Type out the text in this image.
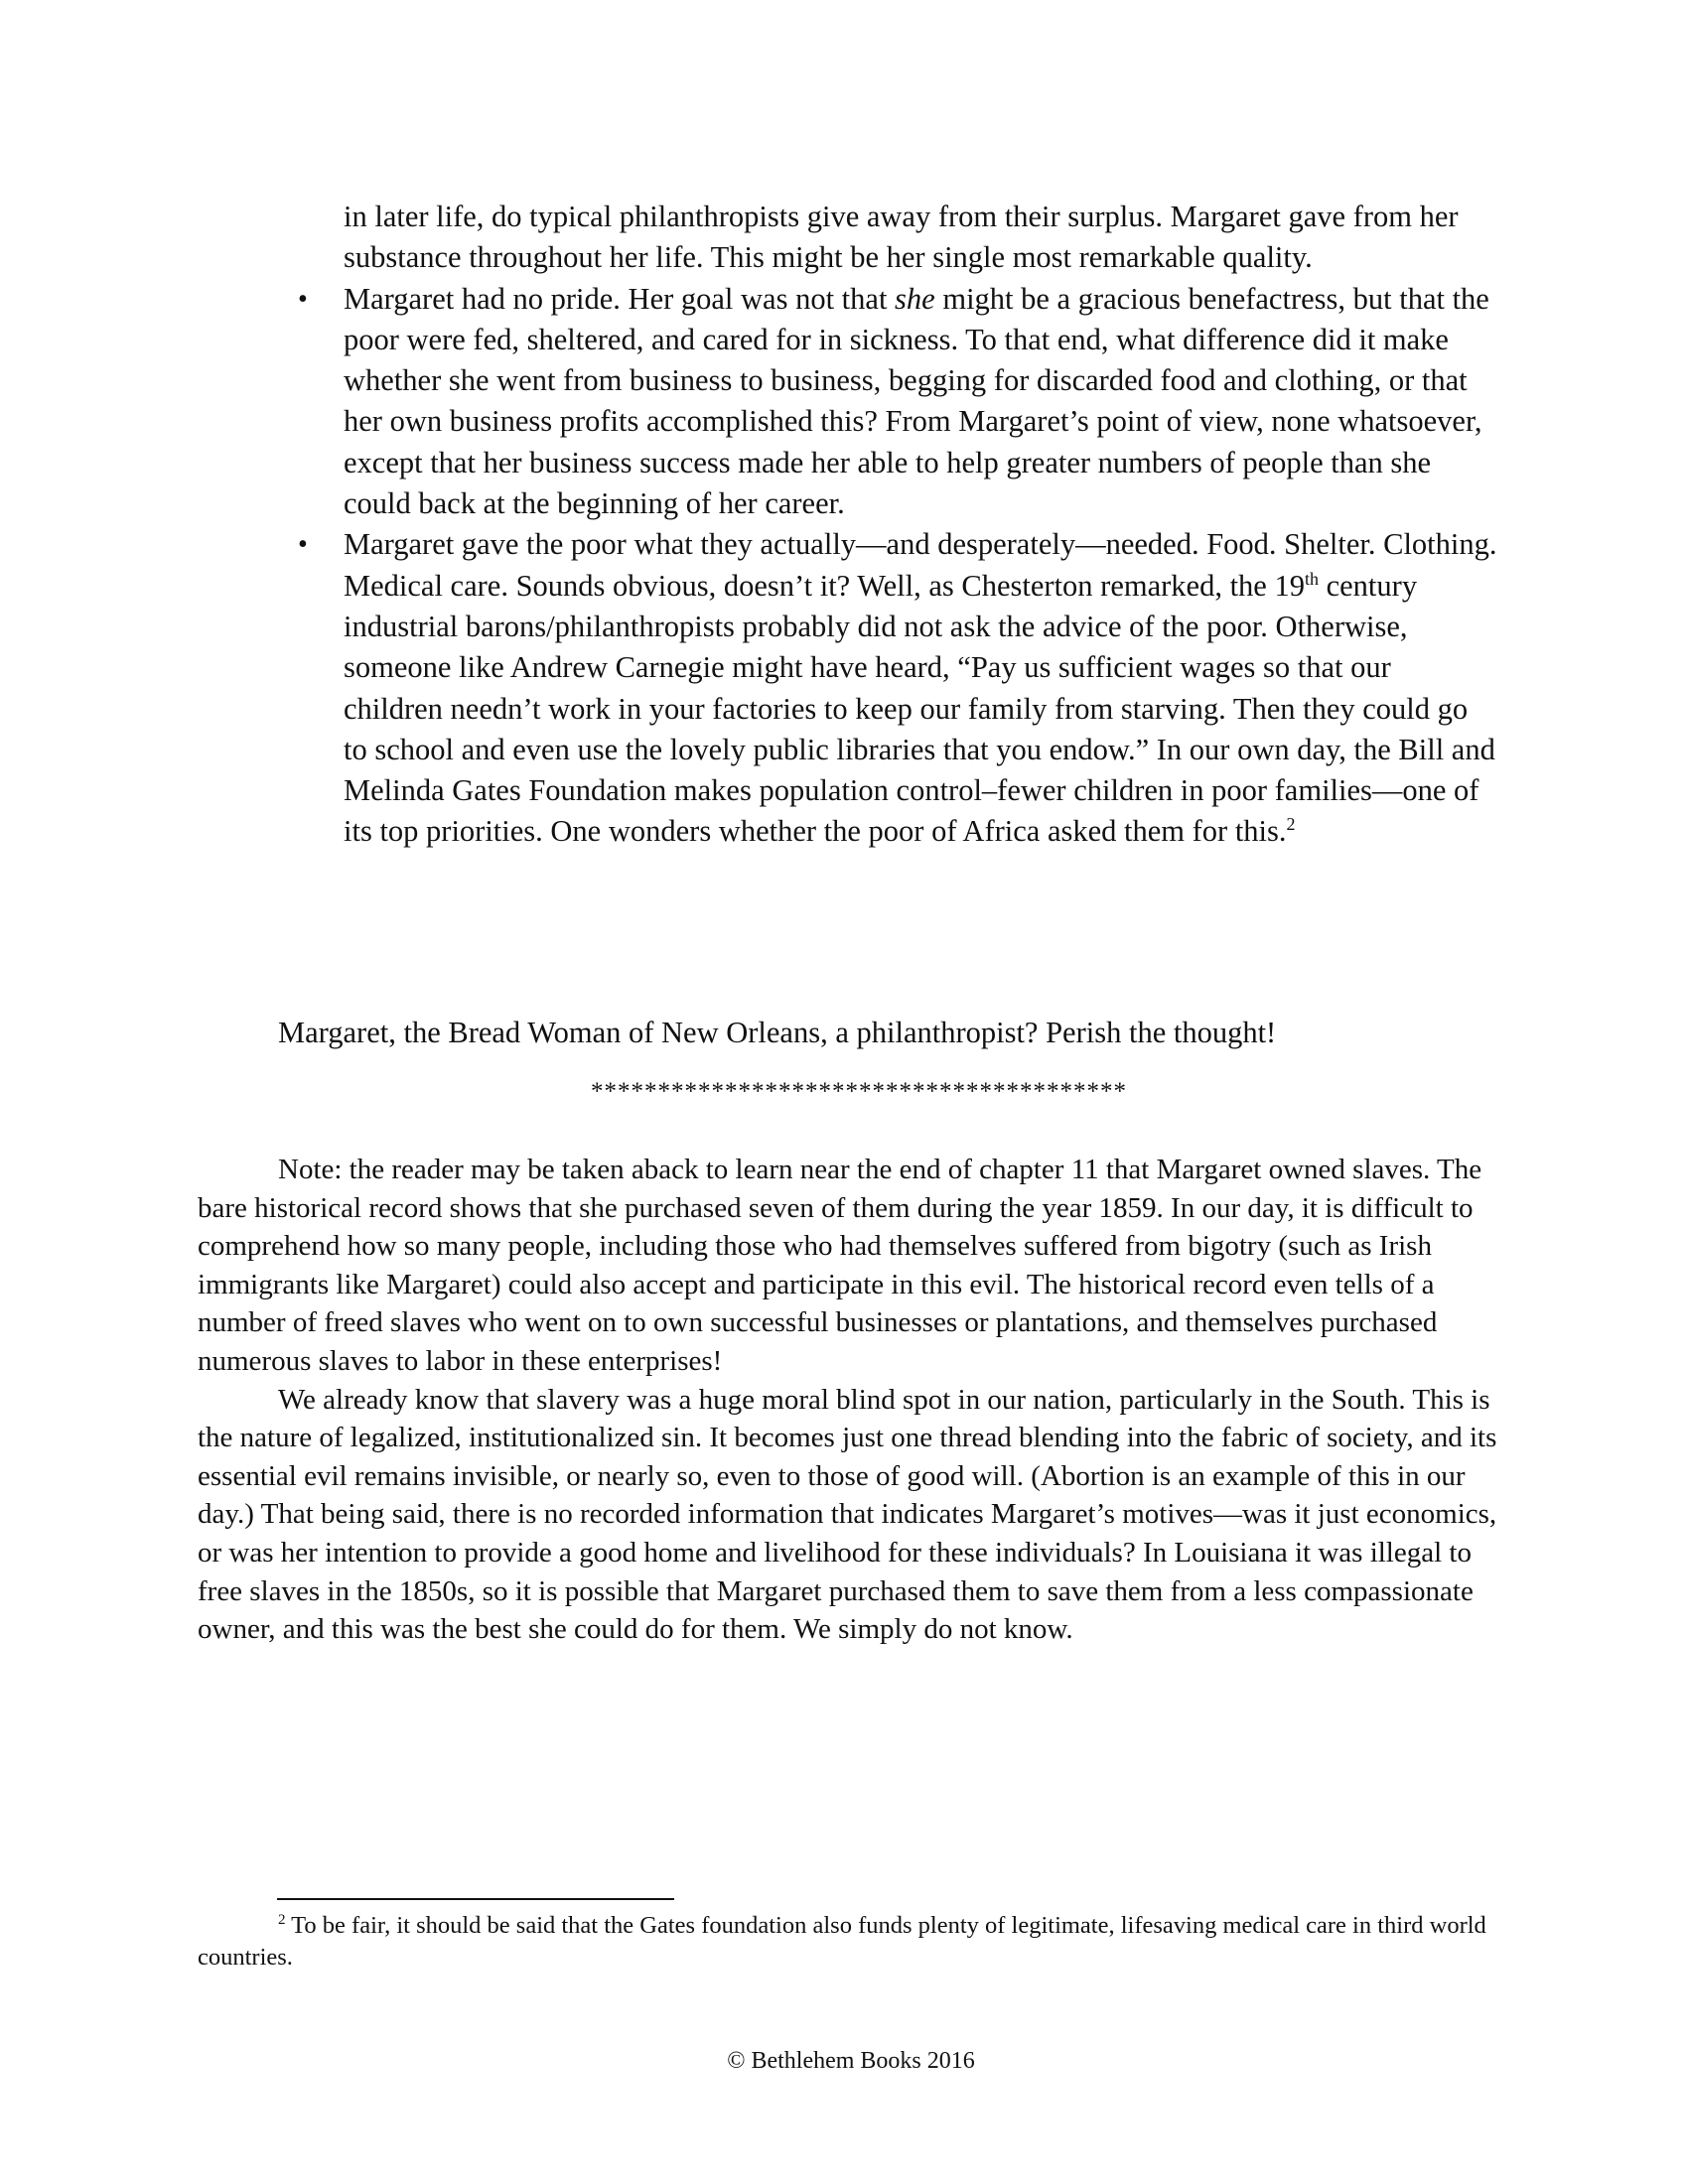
in later life, do typical philanthropists give away from their surplus. Margaret gave from her substance throughout her life. This might be her single most remarkable quality.

• Margaret had no pride. Her goal was not that she might be a gracious benefactress, but that the poor were fed, sheltered, and cared for in sickness. To that end, what difference did it make whether she went from business to business, begging for discarded food and clothing, or that her own business profits accomplished this? From Margaret’s point of view, none whatsoever, except that her business success made her able to help greater numbers of people than she could back at the beginning of her career.

• Margaret gave the poor what they actually—and desperately—needed. Food. Shelter. Clothing. Medical care. Sounds obvious, doesn’t it? Well, as Chesterton remarked, the 19th century industrial barons/philanthropists probably did not ask the advice of the poor. Otherwise, someone like Andrew Carnegie might have heard, “Pay us sufficient wages so that our children needn’t work in your factories to keep our family from starving. Then they could go to school and even use the lovely public libraries that you endow.” In our own day, the Bill and Melinda Gates Foundation makes population control–fewer children in poor families—one of its top priorities. One wonders whether the poor of Africa asked them for this.$^2$

Margaret, the Bread Woman of New Orleans, a philanthropist? Perish the thought!

****************************************

Note: the reader may be taken aback to learn near the end of chapter 11 that Margaret owned slaves. The bare historical record shows that she purchased seven of them during the year 1859. In our day, it is difficult to comprehend how so many people, including those who had themselves suffered from bigotry (such as Irish immigrants like Margaret) could also accept and participate in this evil. The historical record even tells of a number of freed slaves who went on to own successful businesses or plantations, and themselves purchased numerous slaves to labor in these enterprises!

We already know that slavery was a huge moral blind spot in our nation, particularly in the South. This is the nature of legalized, institutionalized sin. It becomes just one thread blending into the fabric of society, and its essential evil remains invisible, or nearly so, even to those of good will. (Abortion is an example of this in our day.) That being said, there is no recorded information that indicates Margaret’s motives—was it just economics, or was her intention to provide a good home and livelihood for these individuals? In Louisiana it was illegal to free slaves in the 1850s, so it is possible that Margaret purchased them to save them from a less compassionate owner, and this was the best she could do for them. We simply do not know.

$^2$ To be fair, it should be said that the Gates foundation also funds plenty of legitimate, lifesaving medical care in third world countries.

© Bethlehem Books 2016
